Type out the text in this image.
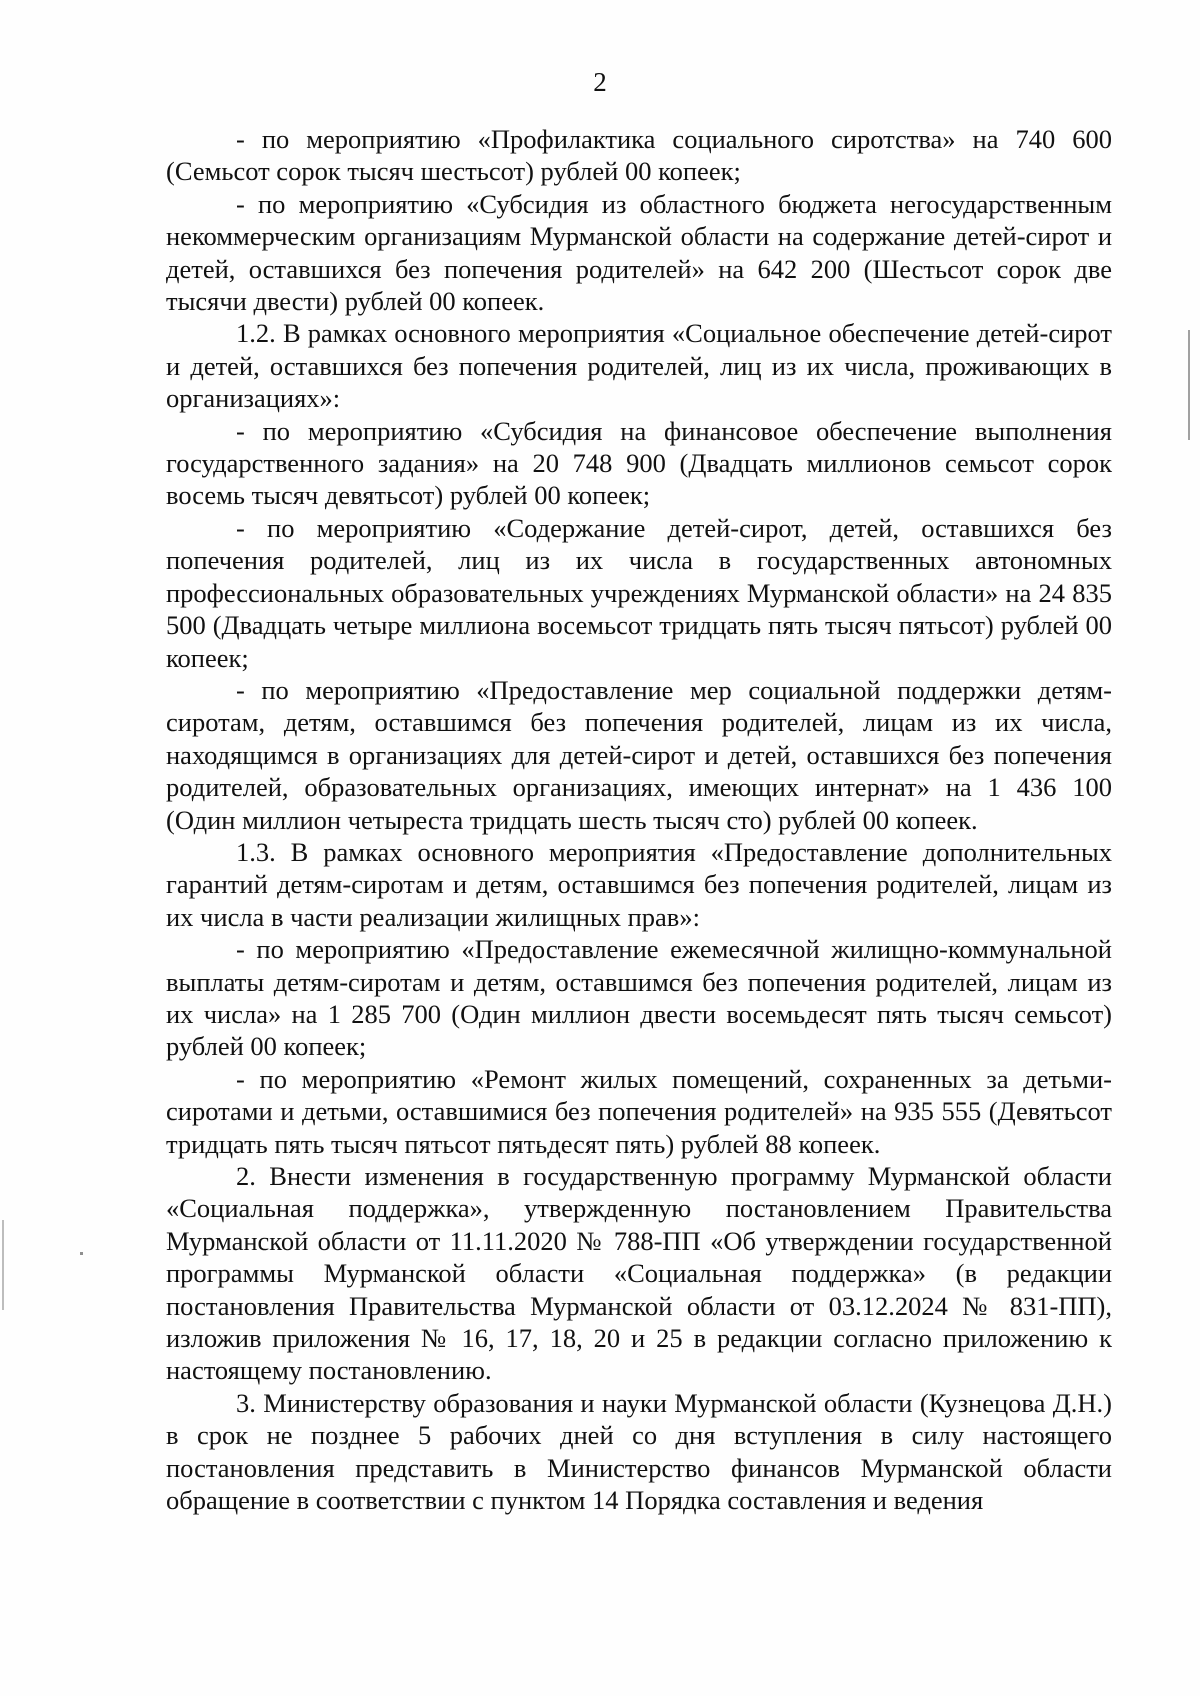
2

- по мероприятию «Профилактика социального сиротства» на 740 600 (Семьсот сорок тысяч шестьсот) рублей 00 копеек;

- по мероприятию «Субсидия из областного бюджета негосударственным некоммерческим организациям Мурманской области на содержание детей-сирот и детей, оставшихся без попечения родителей» на 642 200 (Шестьсот сорок две тысячи двести) рублей 00 копеек.

1.2. В рамках основного мероприятия «Социальное обеспечение детей-сирот и детей, оставшихся без попечения родителей, лиц из их числа, проживающих в организациях»:

- по мероприятию «Субсидия на финансовое обеспечение выполнения государственного задания» на 20 748 900 (Двадцать миллионов семьсот сорок восемь тысяч девятьсот) рублей 00 копеек;

- по мероприятию «Содержание детей-сирот, детей, оставшихся без попечения родителей, лиц из их числа в государственных автономных профессиональных образовательных учреждениях Мурманской области» на 24 835 500 (Двадцать четыре миллиона восемьсот тридцать пять тысяч пятьсот) рублей 00 копеек;

- по мероприятию «Предоставление мер социальной поддержки детям-сиротам, детям, оставшимся без попечения родителей, лицам из их числа, находящимся в организациях для детей-сирот и детей, оставшихся без попечения родителей, образовательных организациях, имеющих интернат» на 1 436 100 (Один миллион четыреста тридцать шесть тысяч сто) рублей 00 копеек.

1.3. В рамках основного мероприятия «Предоставление дополнительных гарантий детям-сиротам и детям, оставшимся без попечения родителей, лицам из их числа в части реализации жилищных прав»:

- по мероприятию «Предоставление ежемесячной жилищно-коммунальной выплаты детям-сиротам и детям, оставшимся без попечения родителей, лицам из их числа» на 1 285 700 (Один миллион двести восемьдесят пять тысяч семьсот) рублей 00 копеек;

- по мероприятию «Ремонт жилых помещений, сохраненных за детьми-сиротами и детьми, оставшимися без попечения родителей» на 935 555 (Девятьсот тридцать пять тысяч пятьсот пятьдесят пять) рублей 88 копеек.

2. Внести изменения в государственную программу Мурманской области «Социальная поддержка», утвержденную постановлением Правительства Мурманской области от 11.11.2020 № 788-ПП «Об утверждении государственной программы Мурманской области «Социальная поддержка» (в редакции постановления Правительства Мурманской области от 03.12.2024 № 831-ПП), изложив приложения № 16, 17, 18, 20 и 25 в редакции согласно приложению к настоящему постановлению.

3. Министерству образования и науки Мурманской области (Кузнецова Д.Н.) в срок не позднее 5 рабочих дней со дня вступления в силу настоящего постановления представить в Министерство финансов Мурманской области обращение в соответствии с пунктом 14 Порядка составления и ведения
